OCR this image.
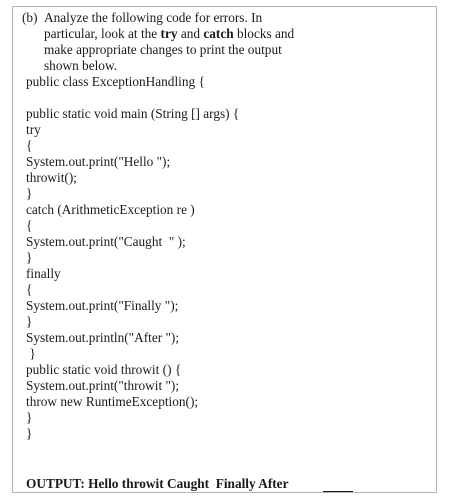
(b) Analyze the following code for errors. In
particular, look at the try and catch blocks and
make appropriate changes to print the output
shown below.
public class ExceptionHandling {
public static void main (String [] args) {
try
{
System.out.print("Hello ");
throwit();
}
catch (ArithmeticException re )
{
System.out.print("Caught  " );
}
finally
{
System.out.print("Finally ");
}
System.out.println("After ");
}
public static void throwit () {
System.out.print("throwit ");
throw new RuntimeException();
}
}
OUTPUT: Hello throwit Caught  Finally After
